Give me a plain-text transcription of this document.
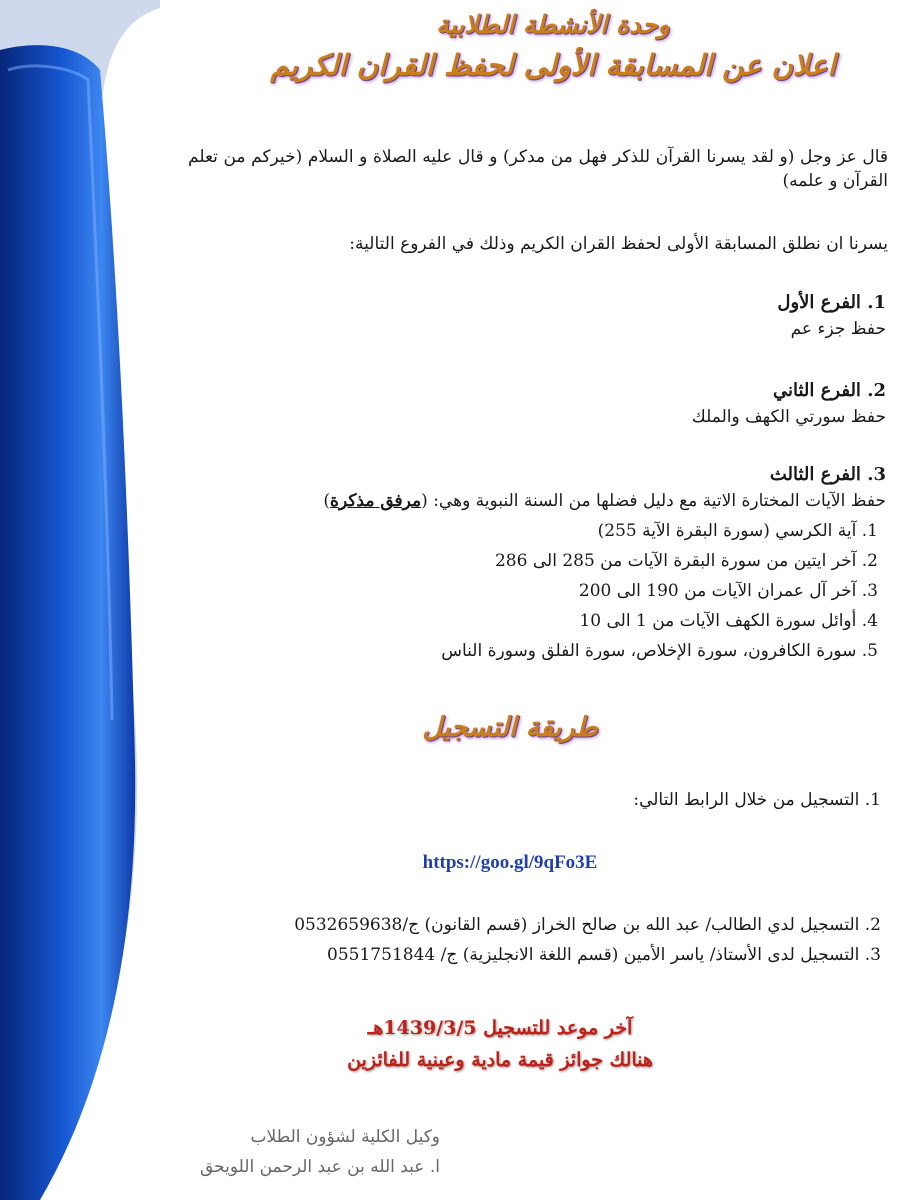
وحدة الأنشطة الطلابية
اعلان عن المسابقة الأولى لحفظ القران الكريم
قال عز وجل (و لقد يسرنا القرآن للذكر فهل من مدكر) و قال عليه الصلاة و السلام (خيركم من تعلم القرآن و علمه)
يسرنا ان نطلق المسابقة الأولى لحفظ القران الكريم وذلك في الفروع التالية:
1. الفرع الأول
حفظ جزء عم
2. الفرع الثاني
حفظ سورتي الكهف والملك
3. الفرع الثالث
حفظ الآيات المختارة الاتية مع دليل فضلها من السنة النبوية وهي: (مرفق مذكرة)
1. آية الكرسي (سورة البقرة الآية 255)
2. آخر ايتين من سورة البقرة الآيات من 285 الى 286
3. آخر آل عمران الآيات من 190 الى 200
4. أوائل سورة الكهف الآيات من 1 الى 10
5. سورة الكافرون، سورة الإخلاص، سورة الفلق وسورة الناس
طريقة التسجيل
1. التسجيل من خلال الرابط التالي:
https://goo.gl/9qFo3E
2. التسجيل لدي الطالب/ عبد الله بن صالح الخراز (قسم القانون) ج/0532659638
3. التسجيل لدى الأستاذ/ ياسر الأمين (قسم اللغة الانجليزية) ج/ 0551751844
آخر موعد للتسجيل 1439/3/5هـ
هنالك جوائز قيمة مادية وعينية للفائزين
وكيل الكلية لشؤون الطلاب
ا. عبد الله بن عبد الرحمن اللويحق
